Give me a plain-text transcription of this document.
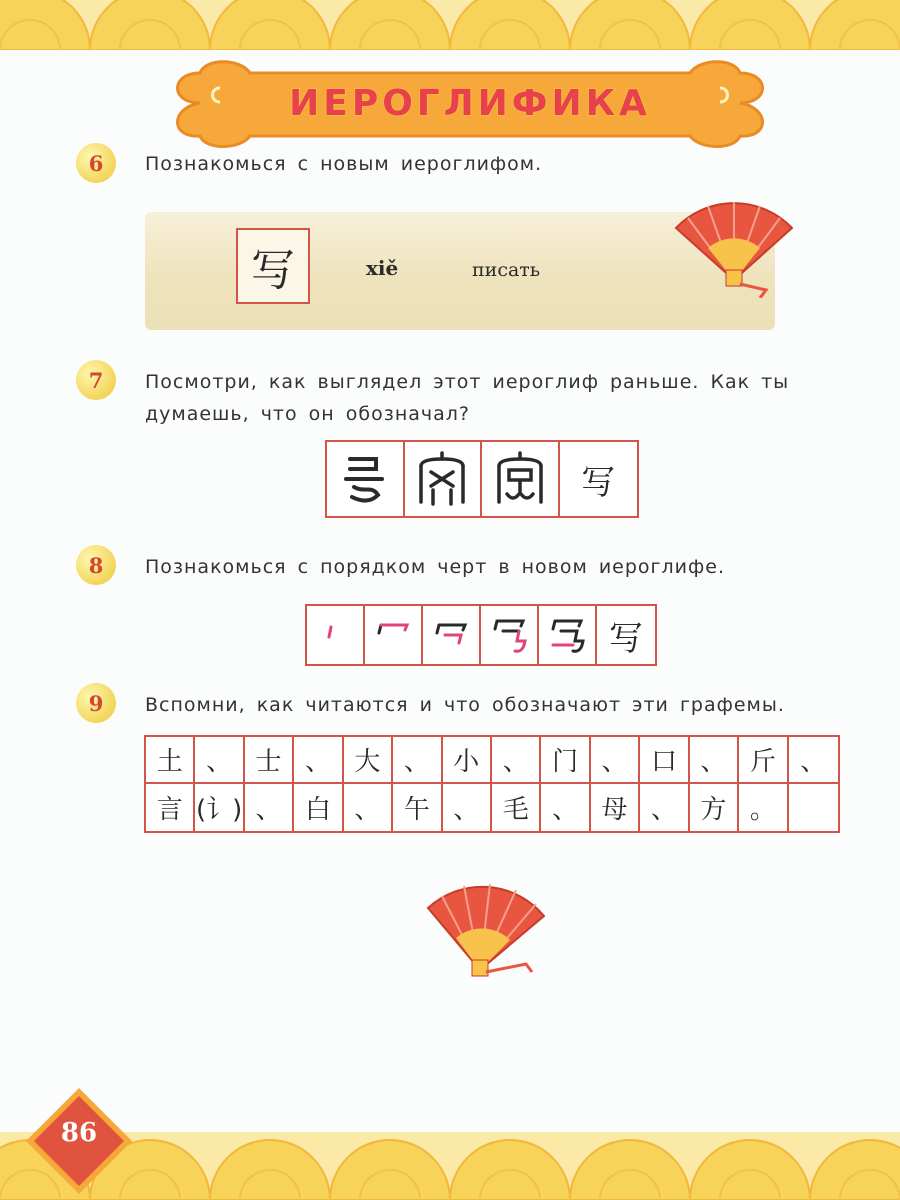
ИЕРОГЛИФИКА
6	Познакомься с новым иероглифом.
写	xiě	писать
7	Посмотри, как выглядел этот иероглиф раньше. Как ты думаешь, что он обозначал?
写
8	Познакомься с порядком черт в новом иероглифе.
写
9	Вспомни, как читаются и что обозначают эти графемы.
土 、 士 、 大 、 小 、 门 、 口 、 斤 、
言 (讠) 、 白 、 午 、 毛 、 母 、 方 。
86
